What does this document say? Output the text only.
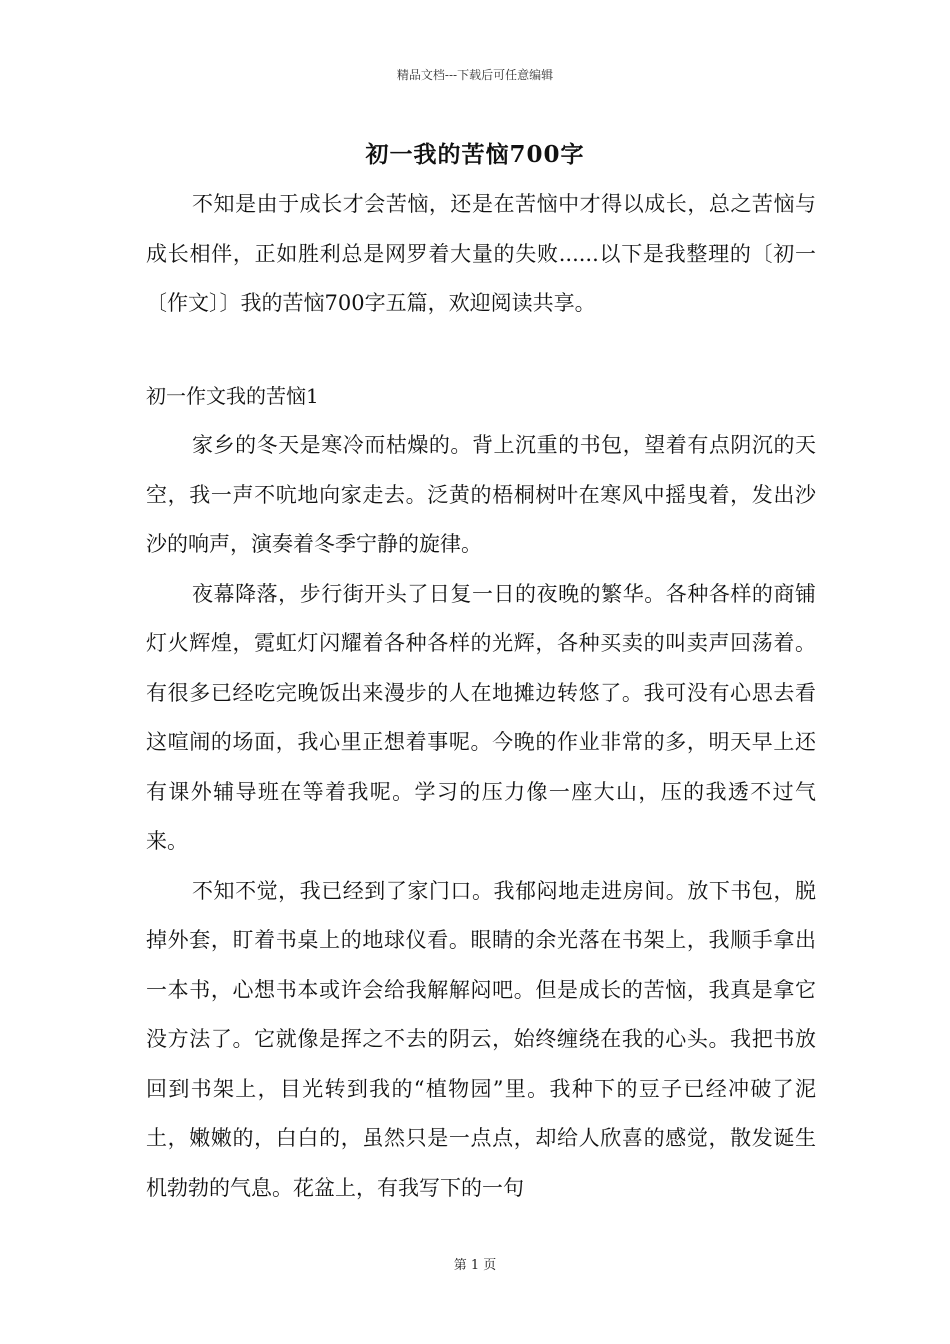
精品文档---下载后可任意编辑
初一我的苦恼700字

不知是由于成长才会苦恼，还是在苦恼中才得以成长，总之苦恼与成长相伴，正如胜利总是网罗着大量的失败......以下是我整理的〔初一〔作文〕〕我的苦恼700字五篇，欢迎阅读共享。

初一作文我的苦恼1

家乡的冬天是寒冷而枯燥的。背上沉重的书包，望着有点阴沉的天空，我一声不吭地向家走去。泛黄的梧桐树叶在寒风中摇曳着，发出沙沙的响声，演奏着冬季宁静的旋律。

夜幕降落，步行街开头了日复一日的夜晚的繁华。各种各样的商铺灯火辉煌，霓虹灯闪耀着各种各样的光辉，各种买卖的叫卖声回荡着。有很多已经吃完晚饭出来漫步的人在地摊边转悠了。我可没有心思去看这喧闹的场面，我心里正想着事呢。今晚的作业非常的多，明天早上还有课外辅导班在等着我呢。学习的压力像一座大山，压的我透不过气来。

不知不觉，我已经到了家门口。我郁闷地走进房间。放下书包，脱掉外套，盯着书桌上的地球仪看。眼睛的余光落在书架上，我顺手拿出一本书，心想书本或许会给我解解闷吧。但是成长的苦恼，我真是拿它没方法了。它就像是挥之不去的阴云，始终缠绕在我的心头。我把书放回到书架上，目光转到我的“植物园”里。我种下的豆子已经冲破了泥土，嫩嫩的，白白的，虽然只是一点点，却给人欣喜的感觉，散发诞生机勃勃的气息。花盆上，有我写下的一句

第 1 页
